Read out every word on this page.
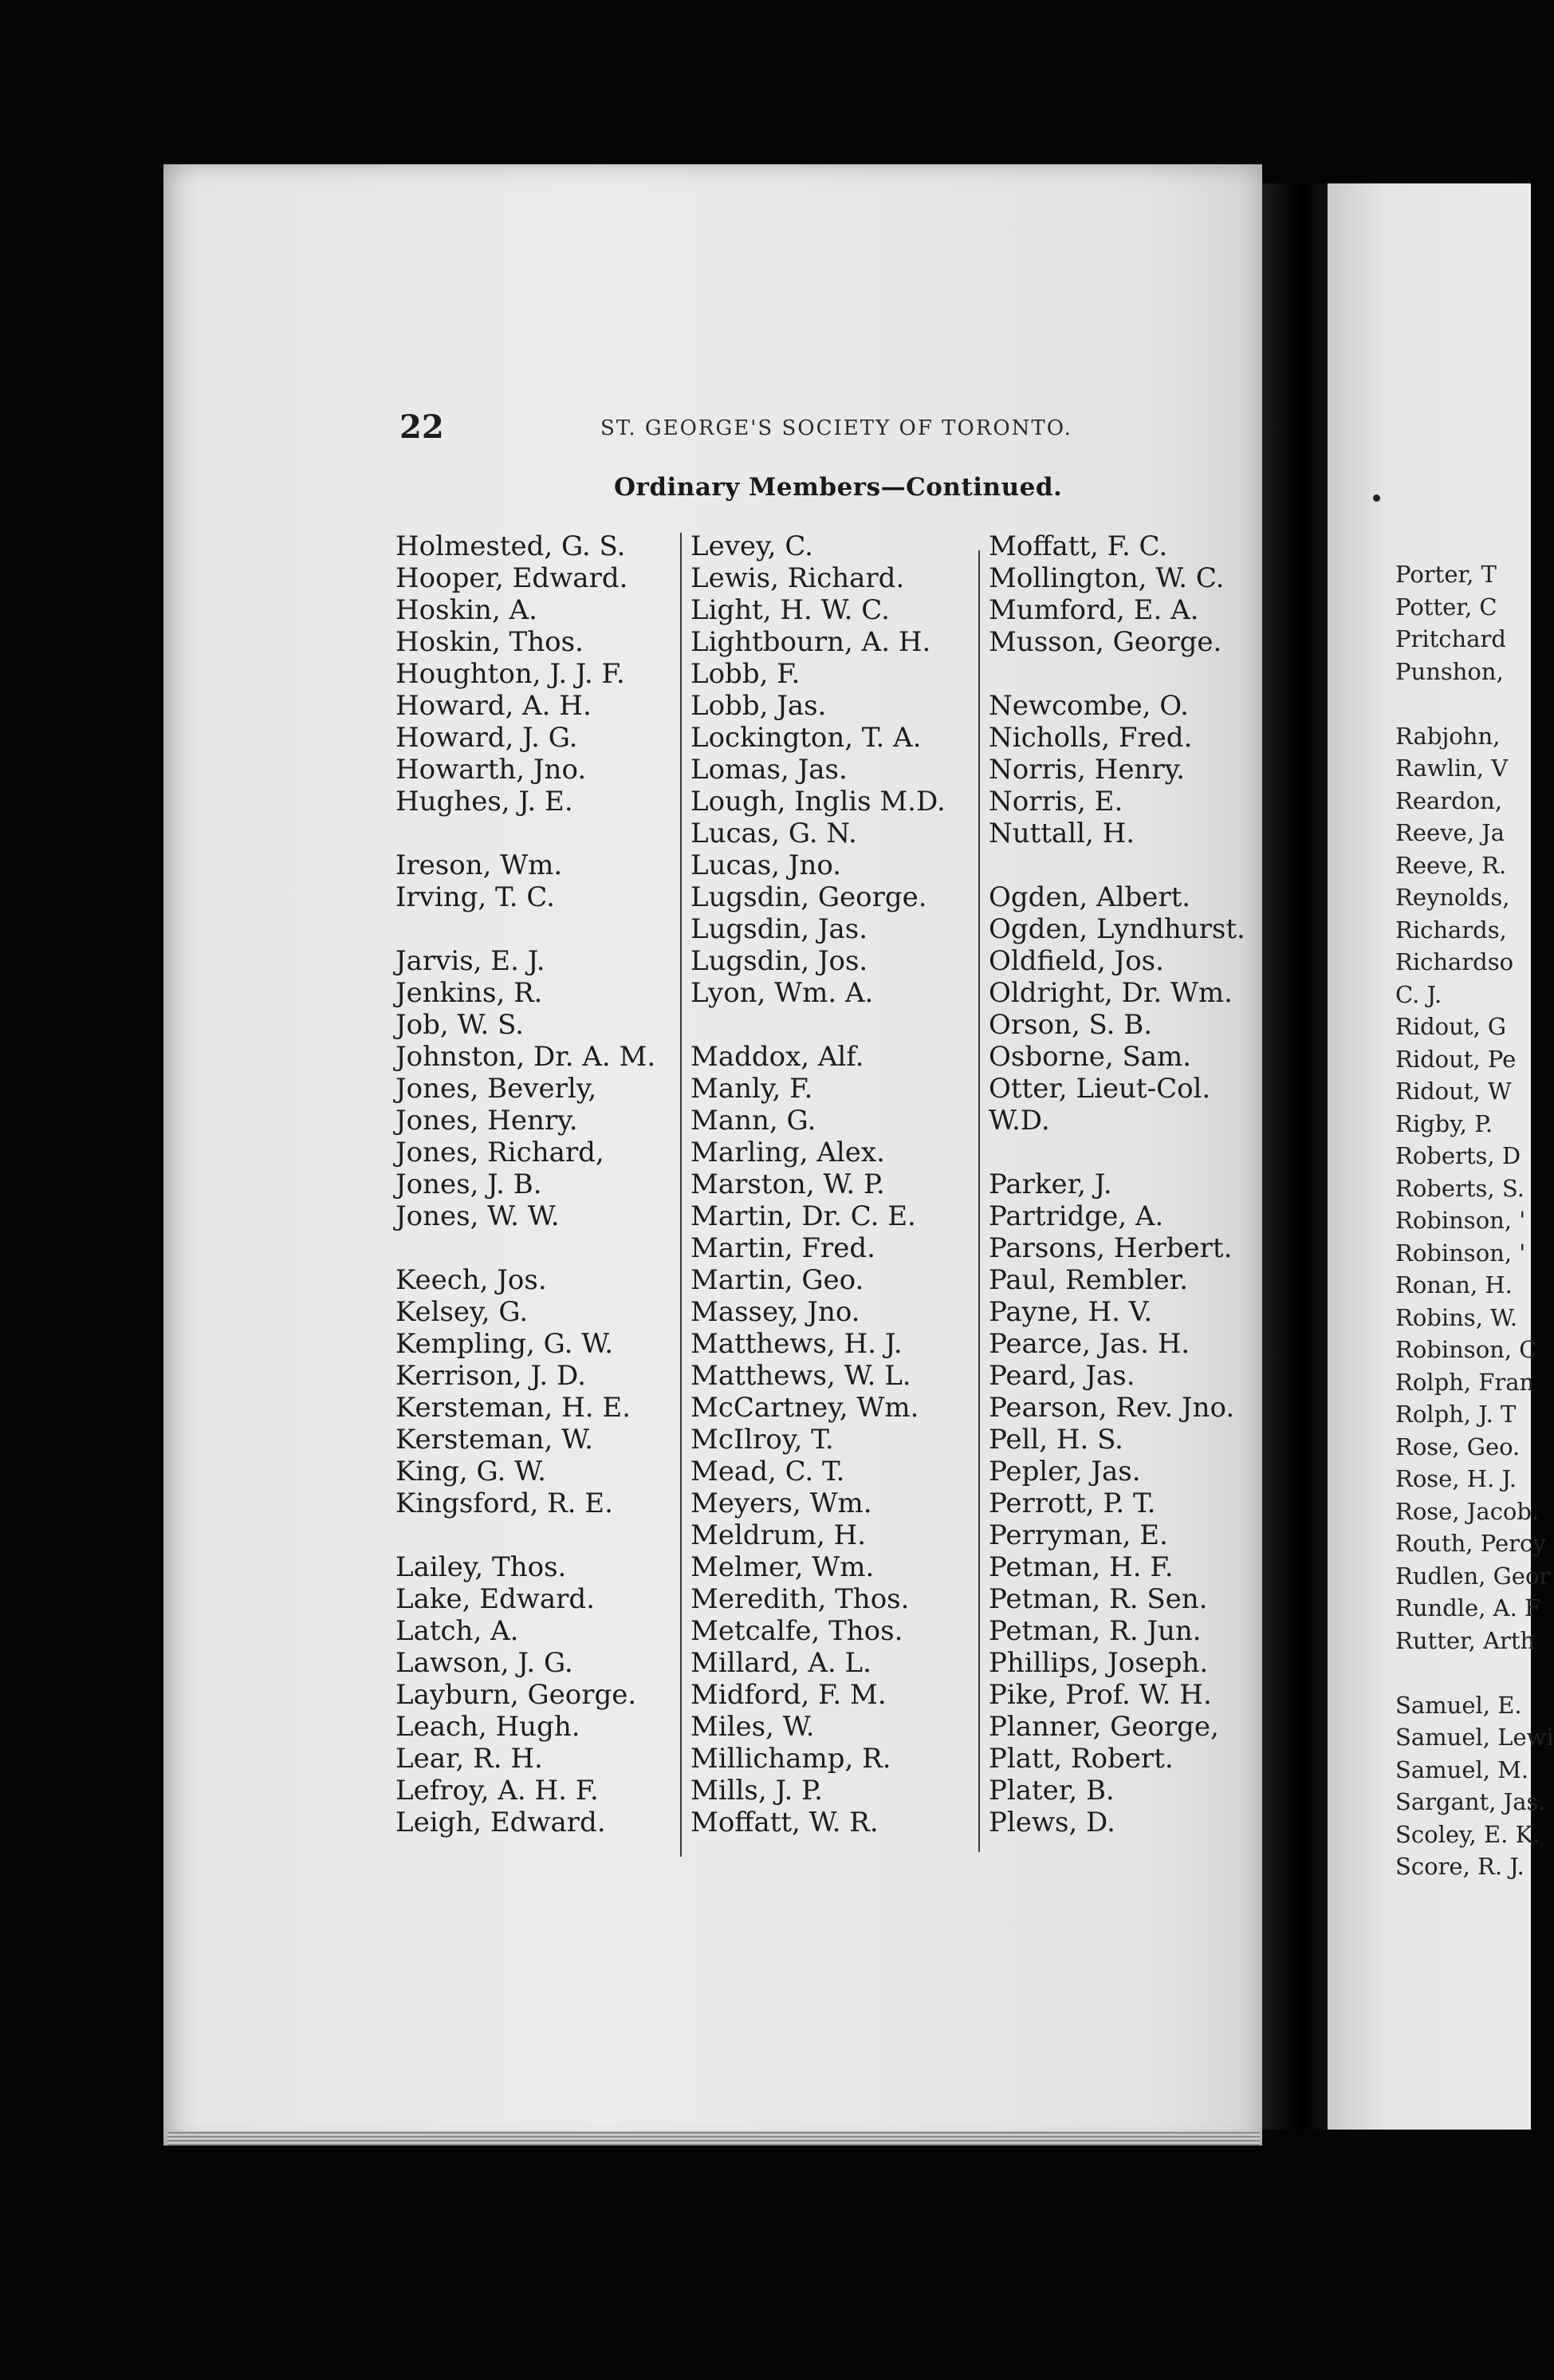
22	ST. GEORGE'S SOCIETY OF TORONTO.
Ordinary Members—Continued.
Holmested, G. S.
Hooper, Edward.
Hoskin, A.
Hoskin, Thos.
Houghton, J. J. F.
Howard, A. H.
Howard, J. G.
Howarth, Jno.
Hughes, J. E.
Ireson, Wm.
Irving, T. C.
Jarvis, E. J.
Jenkins, R.
Job, W. S.
Johnston, Dr. A. M.
Jones, Beverly,
Jones, Henry.
Jones, Richard,
Jones, J. B.
Jones, W. W.
Keech, Jos.
Kelsey, G.
Kempling, G. W.
Kerrison, J. D.
Kersteman, H. E.
Kersteman, W.
King, G. W.
Kingsford, R. E.
Lailey, Thos.
Lake, Edward.
Latch, A.
Lawson, J. G.
Layburn, George.
Leach, Hugh.
Lear, R. H.
Lefroy, A. H. F.
Leigh, Edward.
Levey, C.
Lewis, Richard.
Light, H. W. C.
Lightbourn, A. H.
Lobb, F.
Lobb, Jas.
Lockington, T. A.
Lomas, Jas.
Lough, Inglis M.D.
Lucas, G. N.
Lucas, Jno.
Lugsdin, George.
Lugsdin, Jas.
Lugsdin, Jos.
Lyon, Wm. A.
Maddox, Alf.
Manly, F.
Mann, G.
Marling, Alex.
Marston, W. P.
Martin, Dr. C. E.
Martin, Fred.
Martin, Geo.
Massey, Jno.
Matthews, H. J.
Matthews, W. L.
McCartney, Wm.
McIlroy, T.
Mead, C. T.
Meyers, Wm.
Meldrum, H.
Melmer, Wm.
Meredith, Thos.
Metcalfe, Thos.
Millard, A. L.
Midford, F. M.
Miles, W.
Millichamp, R.
Mills, J. P.
Moffatt, W. R.
Moffatt, F. C.
Mollington, W. C.
Mumford, E. A.
Musson, George.
Newcombe, O.
Nicholls, Fred.
Norris, Henry.
Norris, E.
Nuttall, H.
Ogden, Albert.
Ogden, Lyndhurst.
Oldfield, Jos.
Oldright, Dr. Wm.
Orson, S. B.
Osborne, Sam.
Otter, Lieut-Col.
W.D.
Parker, J.
Partridge, A.
Parsons, Herbert.
Paul, Rembler.
Payne, H. V.
Pearce, Jas. H.
Peard, Jas.
Pearson, Rev. Jno.
Pell, H. S.
Pepler, Jas.
Perrott, P. T.
Perryman, E.
Petman, H. F.
Petman, R. Sen.
Petman, R. Jun.
Phillips, Joseph.
Pike, Prof. W. H.
Planner, George,
Platt, Robert.
Plater, B.
Plews, D.
Porter, T
Potter, C
Pritchard
Punshon,
Rabjohn,
Rawlin, V
Reardon,
Reeve, Ja
Reeve, R.
Reynolds,
Richards,
Richardso
C. J.
Ridout, G
Ridout, Pe
Ridout, W
Rigby, P.
Roberts, D
Roberts, S.
Robinson, '
Robinson, '
Ronan, H.
Robins, W.
Robinson, C
Rolph, Fran
Rolph, J. T
Rose, Geo.
Rose, H. J.
Rose, Jacob.
Routh, Percy
Rudlen, Geor
Rundle, A. F
Rutter, Arth
Samuel, E.
Samuel, Lewi
Samuel, M.
Sargant, Jas.
Scoley, E. K.
Score, R. J.
